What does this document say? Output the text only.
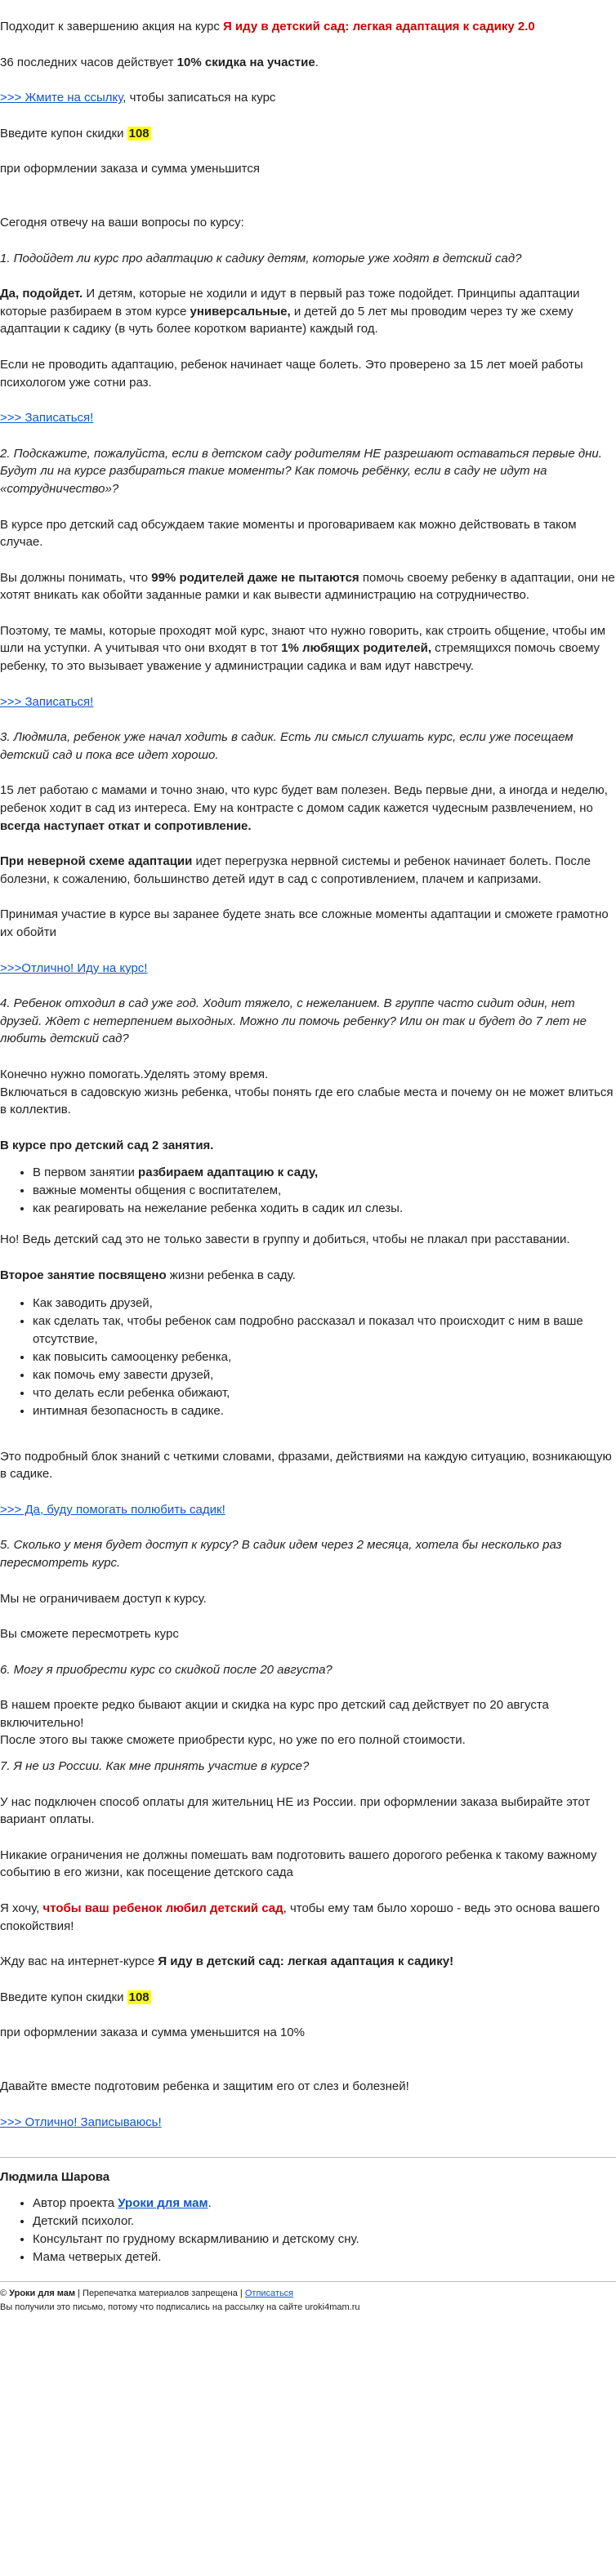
Подходит к завершению акция на курс Я иду в детский сад: легкая адаптация к садику 2.0

36 последних часов действует 10% скидка на участие.

>>> Жмите на ссылку, чтобы записаться на курс

Введите купон скидки 108

при оформлении заказа и сумма уменьшится

Сегодня отвечу на ваши вопросы по курсу:

1. Подойдет ли курс про адаптацию к садику детям, которые уже ходят в детский сад?

Да, подойдет. И детям, которые не ходили и идут в первый раз тоже подойдет. Принципы адаптации которые разбираем в этом курсе универсальные, и детей до 5 лет мы проводим через ту же схему адаптации к садику (в чуть более коротком варианте) каждый год.

Если не проводить адаптацию, ребенок начинает чаще болеть. Это проверено за 15 лет моей работы психологом уже сотни раз.

>>> Записаться!

2. Подскажите, пожалуйста, если в детском саду родителям НЕ разрешают оставаться первые дни. Будут ли на курсе разбираться такие моменты? Как помочь ребёнку, если в саду не идут на «сотрудничество»?

В курсе про детский сад обсуждаем такие моменты и проговариваем как можно действовать в таком случае.

Вы должны понимать, что 99% родителей даже не пытаются помочь своему ребенку в адаптации, они не хотят вникать как обойти заданные рамки и как вывести администрацию на сотрудничество.

Поэтому, те мамы, которые проходят мой курс, знают что нужно говорить, как строить общение, чтобы им шли на уступки. А учитывая что они входят в тот 1% любящих родителей, стремящихся помочь своему ребенку, то это вызывает уважение у администрации садика и вам идут навстречу.

>>> Записаться!

3. Людмила, ребенок уже начал ходить в садик. Есть ли смысл слушать курс, если уже посещаем детский сад и пока все идет хорошо.

15 лет работаю с мамами и точно знаю, что курс будет вам полезен. Ведь первые дни, а иногда и неделю, ребенок ходит в сад из интереса. Ему на контрасте с домом садик кажется чудесным развлечением, но всегда наступает откат и сопротивление.

При неверной схеме адаптации идет перегрузка нервной системы и ребенок начинает болеть. После болезни, к сожалению, большинство детей идут в сад с сопротивлением, плачем и капризами.

Принимая участие в курсе вы заранее будете знать все сложные моменты адаптации и сможете грамотно их обойти

>>>Отлично! Иду на курс!

4. Ребенок отходил в сад уже год. Ходит тяжело, с нежеланием. В группе часто сидит один, нет друзей. Ждет с нетерпением выходных. Можно ли помочь ребенку? Или он так и будет до 7 лет не любить детский сад?

Конечно нужно помогать.Уделять этому время.
Включаться в садовскую жизнь ребенка, чтобы понять где его слабые места и почему он не может влиться в коллектив.

В курсе про детский сад 2 занятия.

• В первом занятии разбираем адаптацию к саду,
• важные моменты общения с воспитателем,
• как реагировать на нежелание ребенка ходить в садик ил слезы.

Но! Ведь детский сад это не только завести в группу и добиться, чтобы не плакал при расставании.

Второе занятие посвящено жизни ребенка в саду.

• Как заводить друзей,
• как сделать так, чтобы ребенок сам подробно рассказал и показал что происходит с ним в ваше отсутствие,
• как повысить самооценку ребенка,
• как помочь ему завести друзей,
• что делать если ребенка обижают,
• интимная безопасность в садике.

Это подробный блок знаний с четкими словами, фразами, действиями на каждую ситуацию, возникающую в садике.

>>> Да, буду помогать полюбить садик!

5. Сколько у меня будет доступ к курсу? В садик идем через 2 месяца, хотела бы несколько раз пересмотреть курс.

Мы не ограничиваем доступ к курсу.

Вы сможете пересмотреть курс

6. Могу я приобрести курс со скидкой после 20 августа?

В нашем проекте редко бывают акции и скидка на курс про детский сад действует по 20 августа включительно!
После этого вы также сможете приобрести курс, но уже по его полной стоимости.

7. Я не из России. Как мне принять участие в курсе?

У нас подключен способ оплаты для жительниц НЕ из России. при оформлении заказа выбирайте этот вариант оплаты.

Никакие ограничения не должны помешать вам подготовить вашего дорогого ребенка к такому важному событию в его жизни, как посещение детского сада

Я хочу, чтобы ваш ребенок любил детский сад, чтобы ему там было хорошо - ведь это основа вашего спокойствия!

Жду вас на интернет-курсе Я иду в детский сад: легкая адаптация к садику!

Введите купон скидки 108

при оформлении заказа и сумма уменьшится на 10%

Давайте вместе подготовим ребенка и защитим его от слез и болезней!

>>> Отлично! Записываюсь!

Людмила Шарова
• Автор проекта Уроки для мам.
• Детский психолог.
• Консультант по грудному вскармливанию и детскому сну.
• Мама четверых детей.
© Уроки для мам | Перепечатка материалов запрещена | Отписаться
Вы получили это письмо, потому что подписались на рассылку на сайте uroki4mam.ru
